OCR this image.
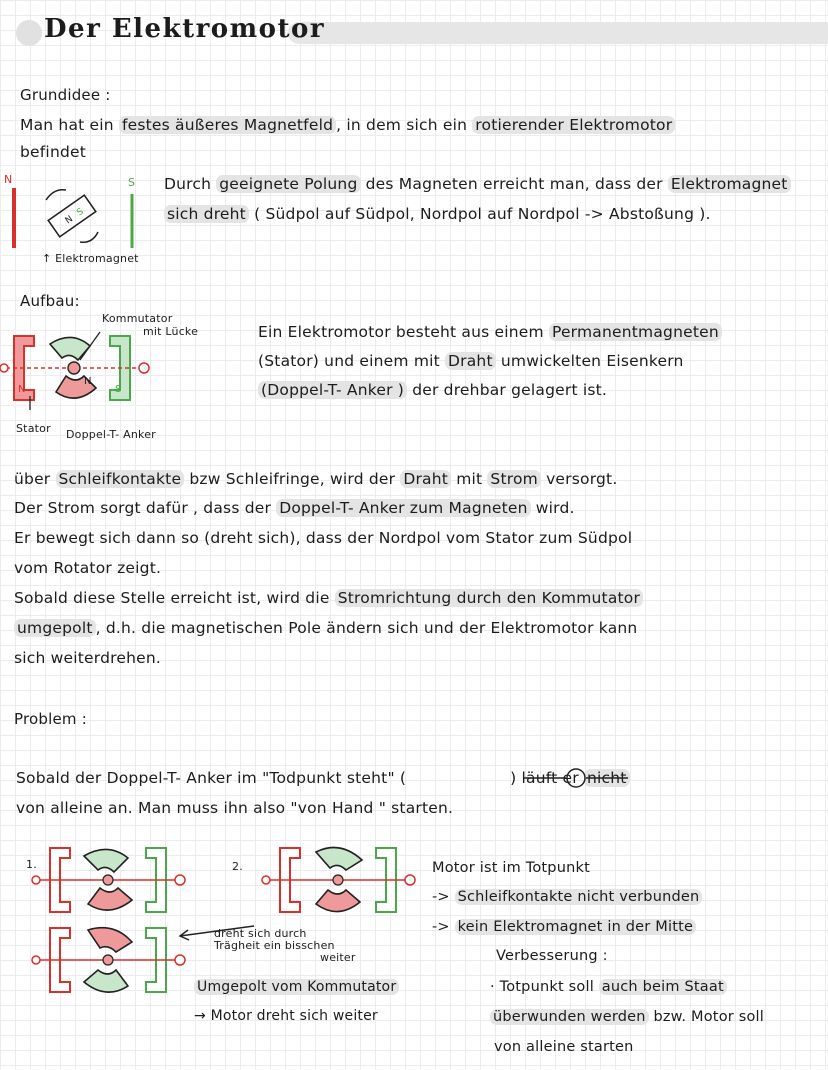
Der Elektromotor
Grundidee :
Man hat ein festes äußeres Magnetfeld , in dem sich ein rotierender Elektromotor
befindet
N	S
N
S
↑ Elektromagnet
Durch geeignete Polung des Magneten erreicht man, dass der Elektromagnet
sich dreht ( Südpol auf Südpol, Nordpol auf Nordpol -> Abstoßung ).
Aufbau:
Kommutator
mit Lücke
N
S
N
Stator Doppel-T- Anker
Ein Elektromotor besteht aus einem Permanentmagneten
(Stator) und einem mit Draht umwickelten Eisenkern
(Doppel-T- Anker ) der drehbar gelagert ist.
über Schleifkontakte bzw Schleifringe, wird der Draht mit Strom versorgt.
Der Strom sorgt dafür , dass der Doppel-T- Anker zum Magneten wird.
Er bewegt sich dann so (dreht sich), dass der Nordpol vom Stator zum Südpol
vom Rotator zeigt.
Sobald diese Stelle erreicht ist, wird die Stromrichtung durch den Kommutator
umgepolt , d.h. die magnetischen Pole ändern sich und der Elektromotor kann
sich weiterdrehen.
Problem :
Sobald der Doppel-T- Anker im "Todpunkt steht" (	) läuft er nicht
von alleine an. Man muss ihn also "von Hand " starten.
1.	2.
dreht sich durch
Trägheit ein bisschen
weiter
Umgepolt vom Kommutator
→ Motor dreht sich weiter
Motor ist im Totpunkt
-> Schleifkontakte nicht verbunden
-> kein Elektromagnet in der Mitte
Verbesserung :
· Totpunkt soll auch beim Staat
überwunden werden bzw. Motor soll
von alleine starten
